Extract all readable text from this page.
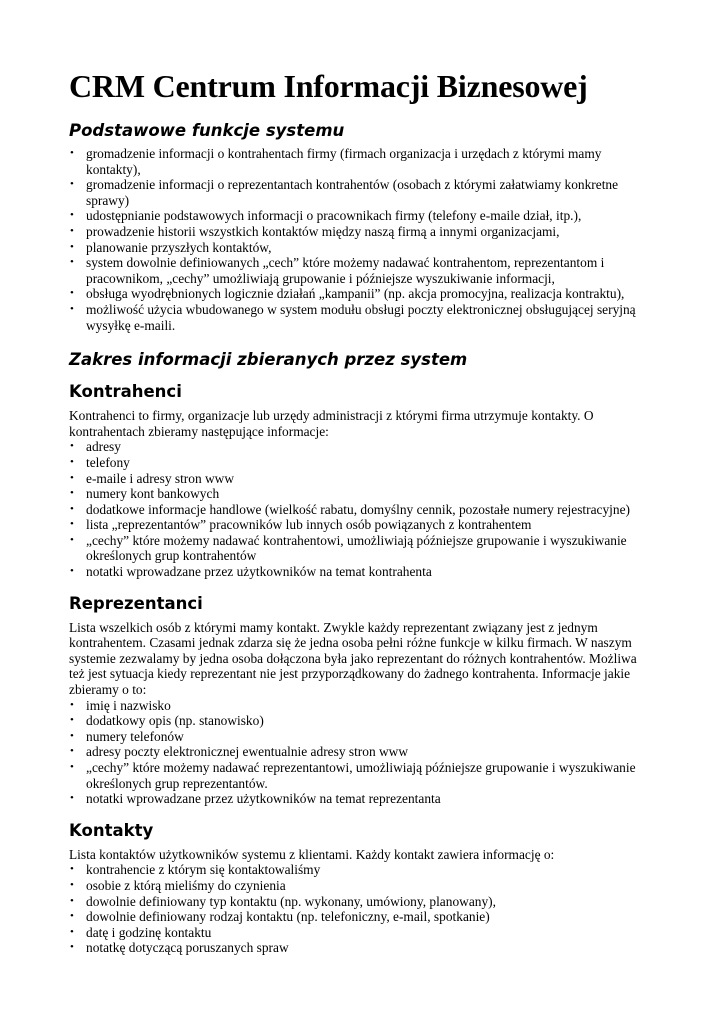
CRM Centrum Informacji Biznesowej
Podstawowe funkcje systemu
• gromadzenie informacji o kontrahentach firmy (firmach organizacja i urzędach z którymi mamy kontakty),
• gromadzenie informacji o reprezentantach kontrahentów (osobach z którymi załatwiamy konkretne sprawy)
• udostępnianie podstawowych informacji o pracownikach firmy (telefony e-maile dział, itp.),
• prowadzenie historii wszystkich kontaktów między naszą firmą a innymi organizacjami,
• planowanie przyszłych kontaktów,
• system dowolnie definiowanych „cech” które możemy nadawać kontrahentom, reprezentantom i pracownikom, „cechy” umożliwiają grupowanie i późniejsze wyszukiwanie informacji,
• obsługa wyodrębnionych logicznie działań „kampanii” (np. akcja promocyjna, realizacja kontraktu),
• możliwość użycia wbudowanego w system modułu obsługi poczty elektronicznej obsługującej seryjną wysyłkę e-maili.
Zakres informacji zbieranych przez system
Kontrahenci

Kontrahenci to firmy, organizacje lub urzędy administracji z którymi firma utrzymuje kontakty. O kontrahentach zbieramy następujące informacje:

• adresy
• telefony
• e-maile i adresy stron www
• numery kont bankowych
• dodatkowe informacje handlowe (wielkość rabatu, domyślny cennik, pozostałe numery rejestracyjne)
• lista „reprezentantów” pracowników lub innych osób powiązanych z kontrahentem
• „cechy” które możemy nadawać kontrahentowi, umożliwiają późniejsze grupowanie i wyszukiwanie określonych grup kontrahentów
• notatki wprowadzane przez użytkowników na temat kontrahenta
Reprezentanci

Lista wszelkich osób z którymi mamy kontakt. Zwykle każdy reprezentant związany jest z jednym kontrahentem. Czasami jednak zdarza się że jedna osoba pełni różne funkcje w kilku firmach. W naszym systemie zezwalamy by jedna osoba dołączona była jako reprezentant do różnych kontrahentów. Możliwa też jest sytuacja kiedy reprezentant nie jest przyporządkowany do żadnego kontrahenta. Informacje jakie zbieramy o to:

• imię i nazwisko
• dodatkowy opis (np. stanowisko)
• numery telefonów
• adresy poczty elektronicznej ewentualnie adresy stron www
• „cechy” które możemy nadawać reprezentantowi, umożliwiają późniejsze grupowanie i wyszukiwanie określonych grup reprezentantów.
• notatki wprowadzane przez użytkowników na temat reprezentanta
Kontakty

Lista kontaktów użytkowników systemu z klientami. Każdy kontakt zawiera informację o:

• kontrahencie z którym się kontaktowaliśmy
• osobie z którą mieliśmy do czynienia
• dowolnie definiowany typ kontaktu (np. wykonany, umówiony, planowany),
• dowolnie definiowany rodzaj kontaktu (np. telefoniczny, e-mail, spotkanie)
• datę i godzinę kontaktu
• notatkę dotyczącą poruszanych spraw
